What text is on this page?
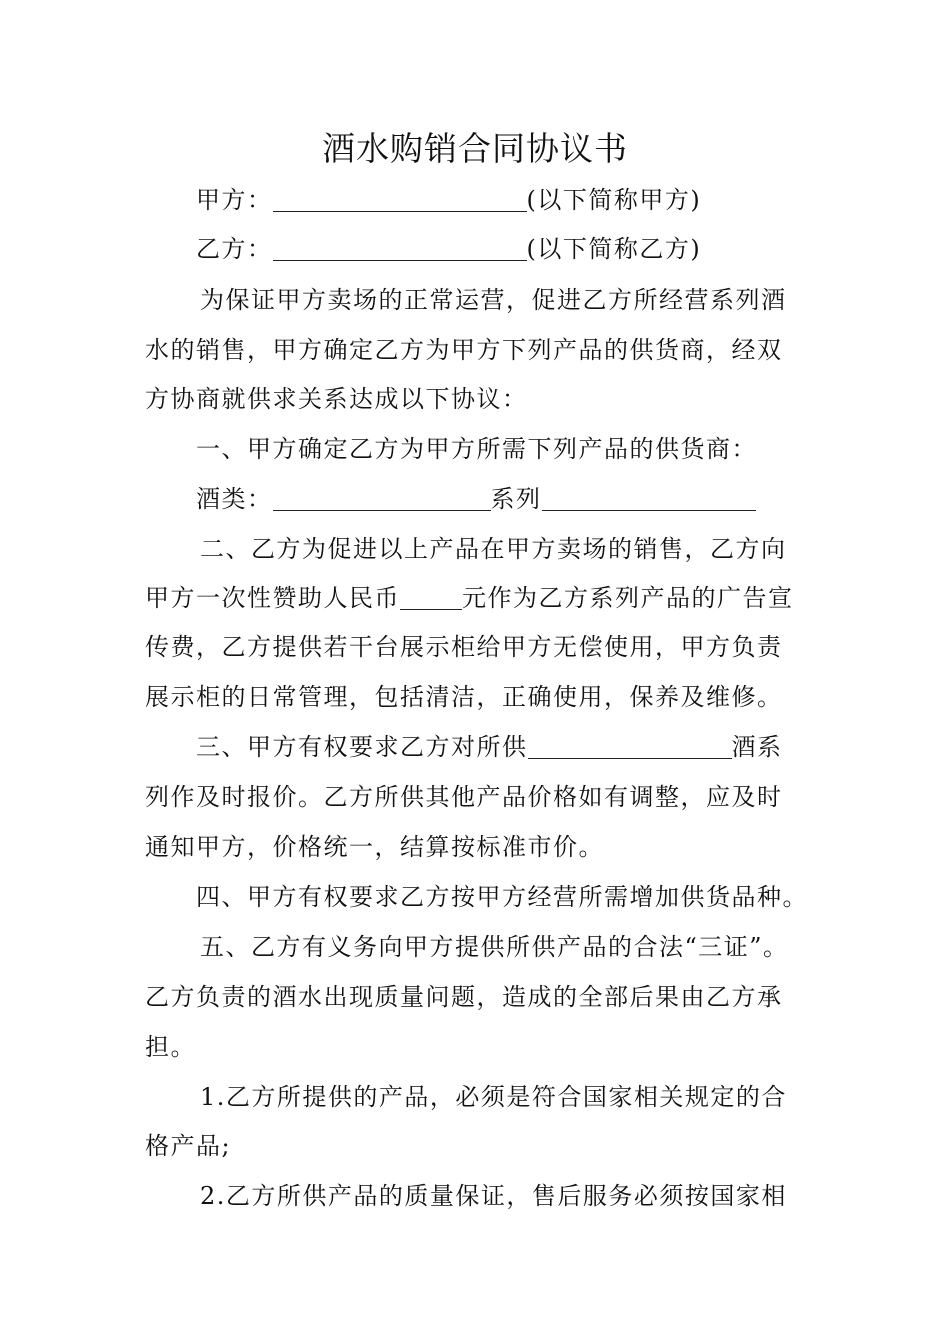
酒水购销合同协议书
甲方：	(以下简称甲方)
乙方：	(以下简称乙方)
为保证甲方卖场的正常运营，促进乙方所经营系列酒
水的销售，甲方确定乙方为甲方下列产品的供货商，经双
方协商就供求关系达成以下协议：
一、甲方确定乙方为甲方所需下列产品的供货商：
酒类：	系列
二、乙方为促进以上产品在甲方卖场的销售，乙方向
甲方一次性赞助人民币	元作为乙方系列产品的广告宣
传费，乙方提供若干台展示柜给甲方无偿使用，甲方负责
展示柜的日常管理，包括清洁，正确使用，保养及维修。
三、甲方有权要求乙方对所供	酒系
列作及时报价。乙方所供其他产品价格如有调整，应及时
通知甲方，价格统一，结算按标准市价。
四、甲方有权要求乙方按甲方经营所需增加供货品种。
五、乙方有义务向甲方提供所供产品的合法“三证”。
乙方负责的酒水出现质量问题，造成的全部后果由乙方承
担。
1.乙方所提供的产品，必须是符合国家相关规定的合
格产品;
2.乙方所供产品的质量保证，售后服务必须按国家相
